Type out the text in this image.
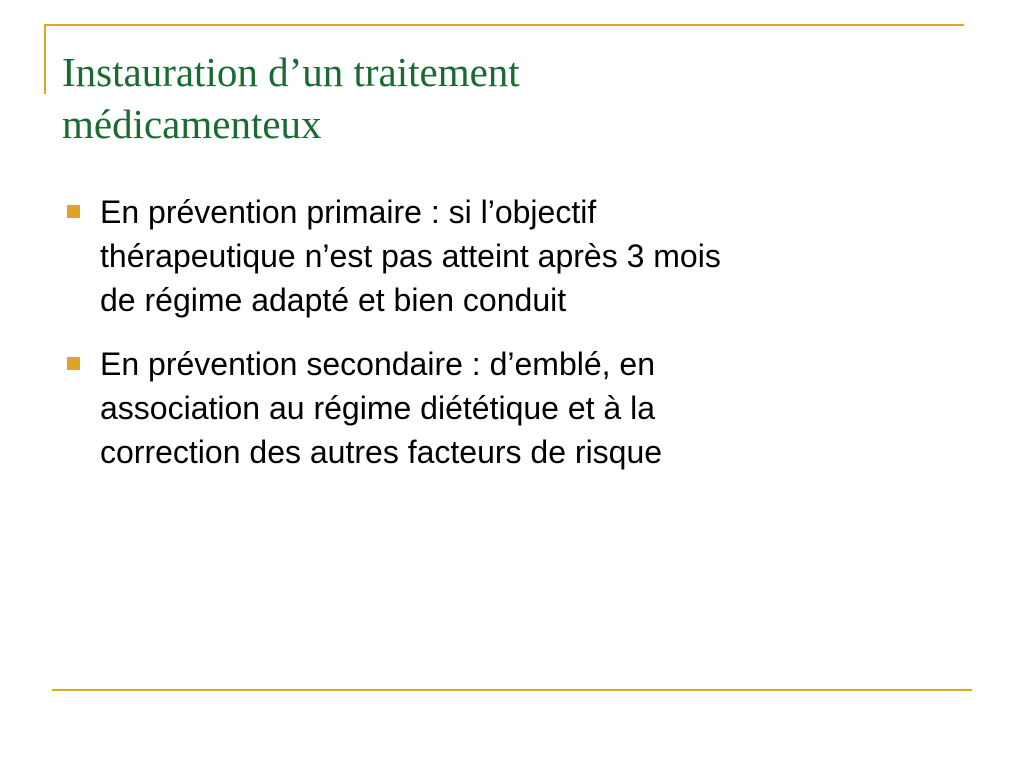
Instauration d’un traitement
médicamenteux
En prévention primaire : si l’objectif
thérapeutique n’est pas atteint après 3 mois
de régime adapté et bien conduit
En prévention secondaire : d’emblé, en
association au régime diététique et à la
correction des autres facteurs de risque
